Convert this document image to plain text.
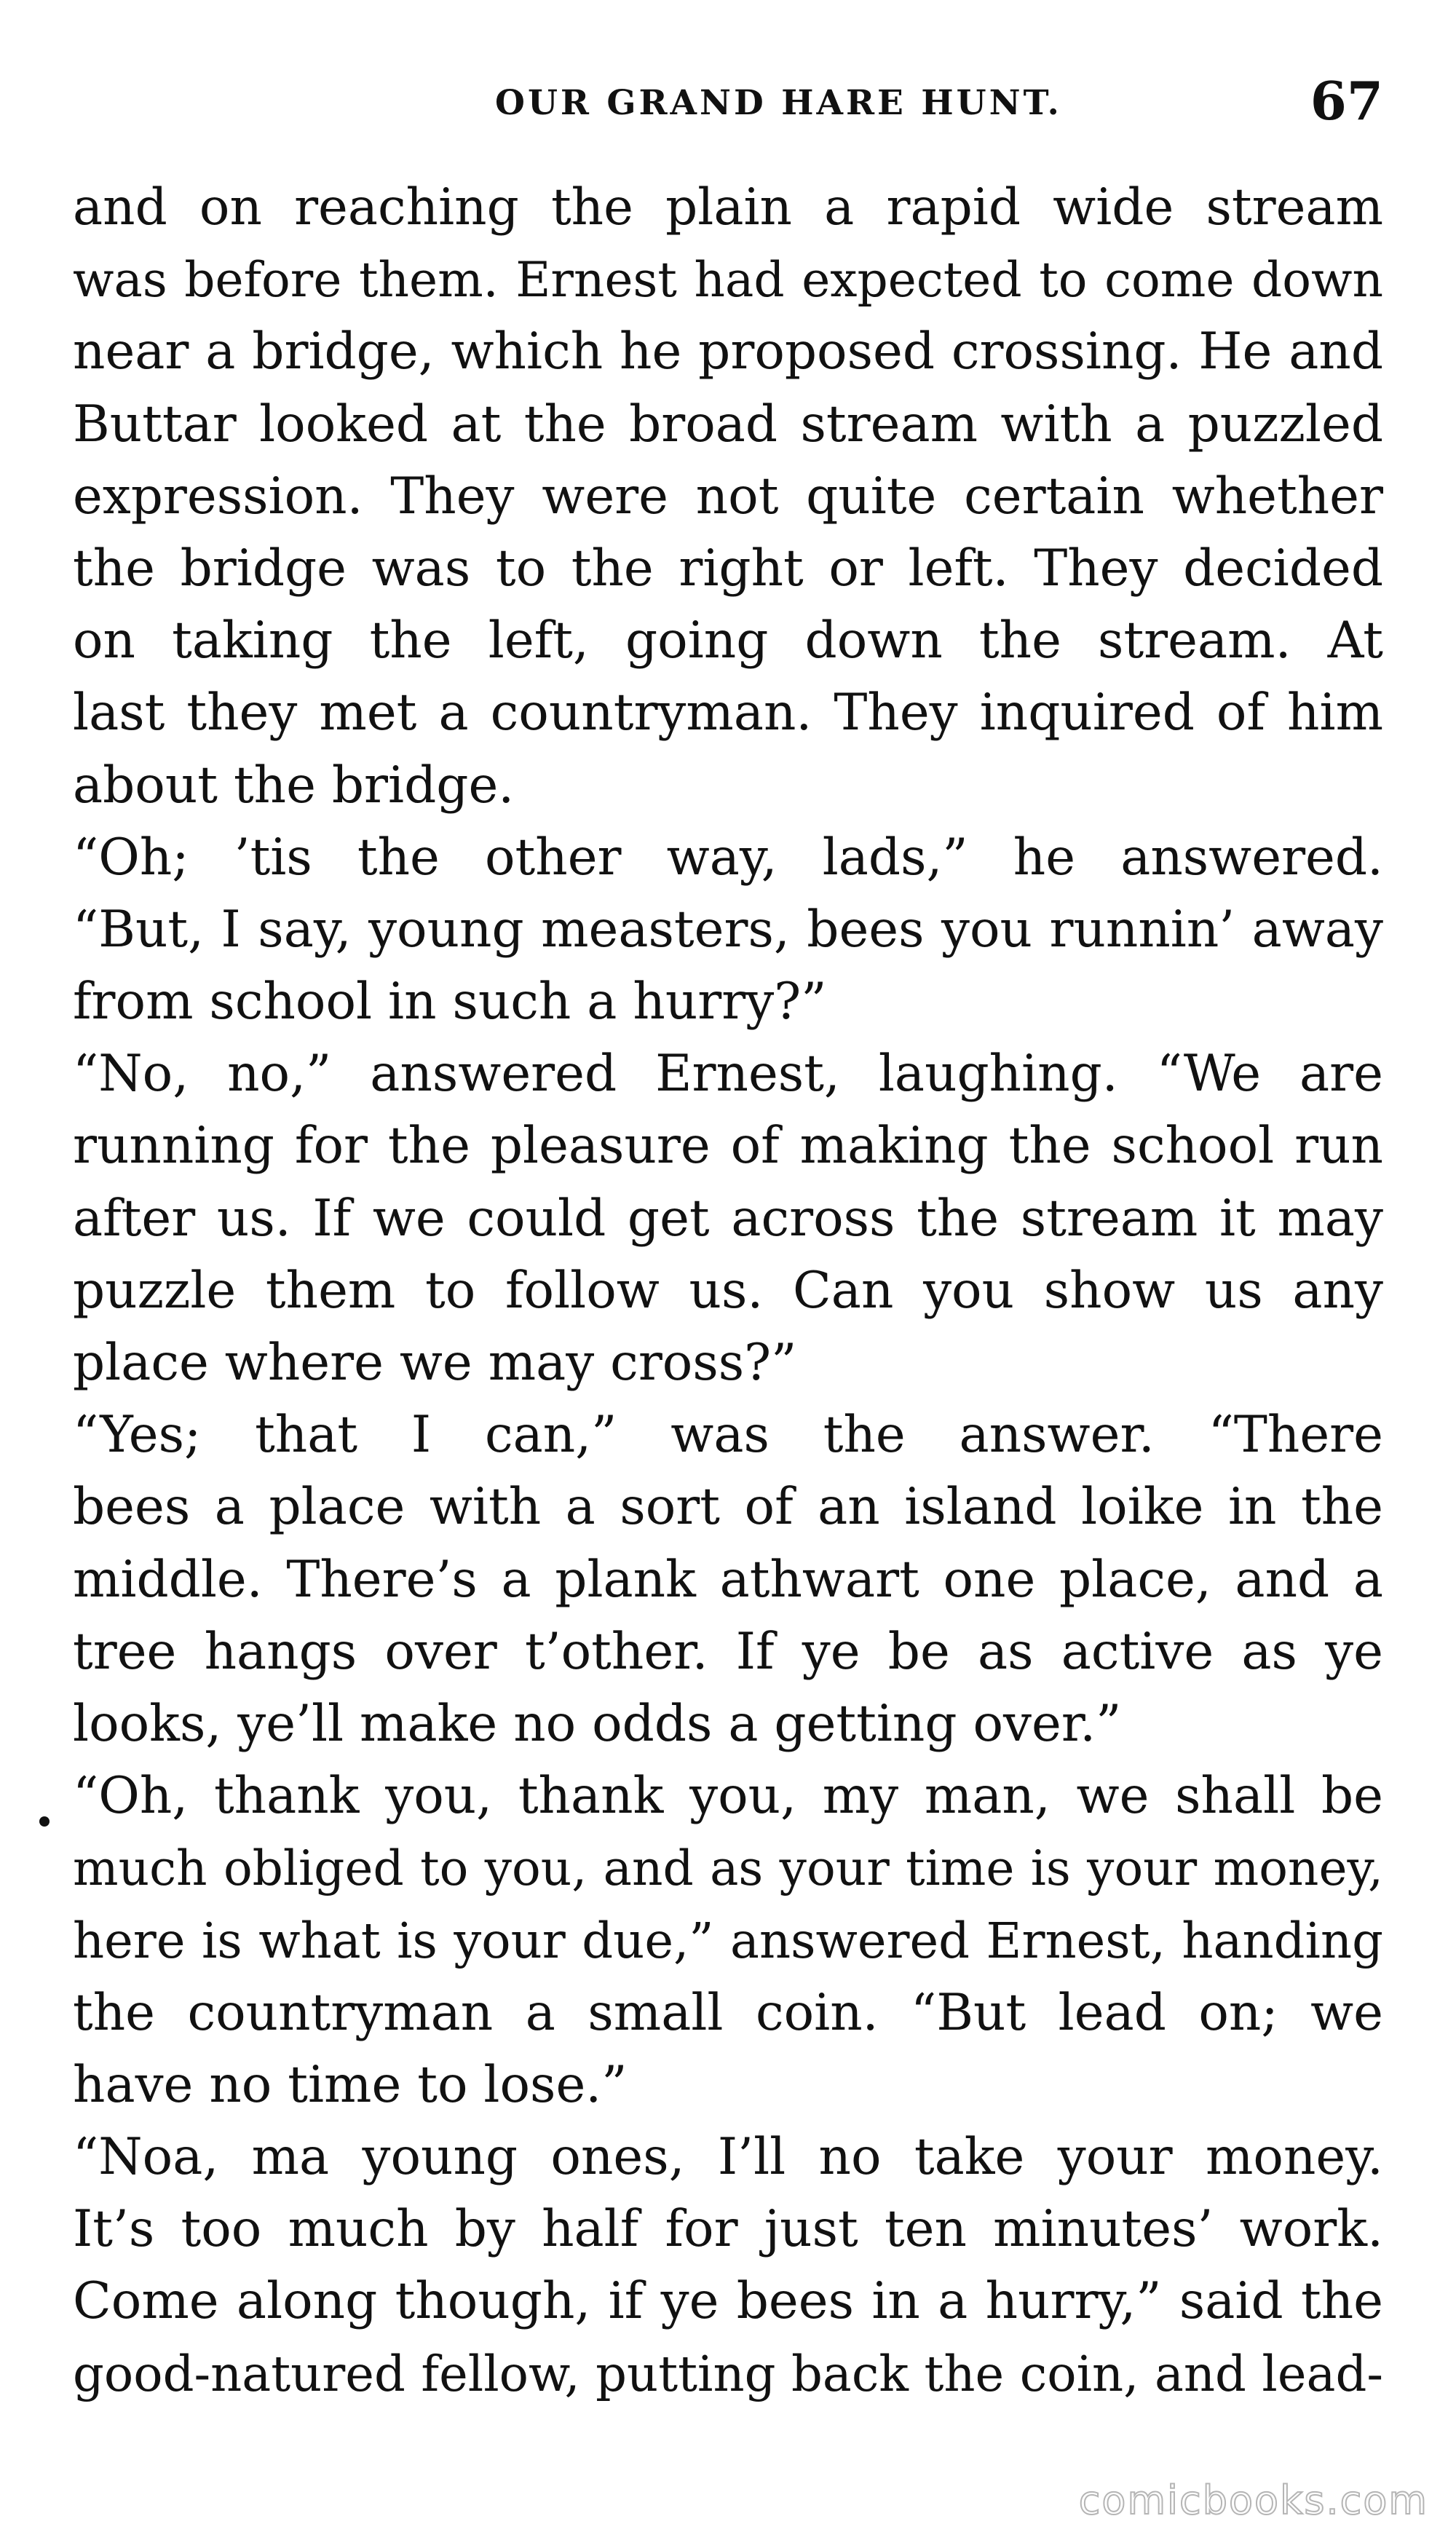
OUR GRAND HARE HUNT.	67
and on reaching the plain a rapid wide stream
was before them. Ernest had expected to come down
near a bridge, which he proposed crossing. He and
Buttar looked at the broad stream with a puzzled
expression. They were not quite certain whether
the bridge was to the right or left. They decided
on taking the left, going down the stream. At
last they met a countryman. They inquired of him
about the bridge.
“Oh; ’tis the other way, lads,” he answered.
“But, I say, young measters, bees you runnin’ away
from school in such a hurry?”
“No, no,” answered Ernest, laughing. “We are
running for the pleasure of making the school run
after us. If we could get across the stream it may
puzzle them to follow us. Can you show us any
place where we may cross?”
“Yes; that I can,” was the answer. “There
bees a place with a sort of an island loike in the
middle. There’s a plank athwart one place, and a
tree hangs over t’other. If ye be as active as ye
looks, ye’ll make no odds a getting over.”
“Oh, thank you, thank you, my man, we shall be
much obliged to you, and as your time is your money,
here is what is your due,” answered Ernest, handing
the countryman a small coin. “But lead on; we
have no time to lose.”
“Noa, ma young ones, I’ll no take your money.
It’s too much by half for just ten minutes’ work.
Come along though, if ye bees in a hurry,” said the
good-natured fellow, putting back the coin, and lead-
comicbooks.com
